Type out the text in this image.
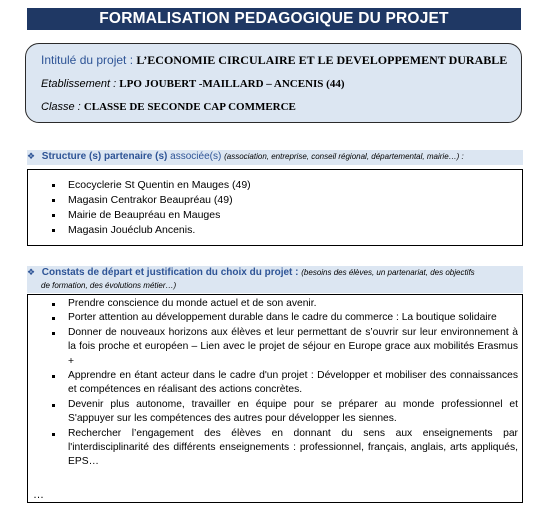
FORMALISATION PEDAGOGIQUE DU PROJET
Intitulé du projet : L’ECONOMIE CIRCULAIRE ET LE DEVELOPPEMENT DURABLE
Etablissement : LPO JOUBERT -MAILLARD – ANCENIS (44)
Classe : CLASSE DE SECONDE CAP COMMERCE
❖ Structure (s) partenaire (s) associée(s) (association, entreprise, conseil régional, départemental, mairie…) :
Ecocyclerie St Quentin en Mauges (49)
Magasin Centrakor Beaupréau (49)
Mairie de Beaupréau en Mauges
Magasin Jouéclub Ancenis.
❖ Constats de départ et justification du choix du projet : (besoins des élèves, un partenariat, des objectifs
de formation, des évolutions métier…)
Prendre conscience du monde actuel et de son avenir.
Porter attention au développement durable dans le cadre du commerce : La boutique solidaire
Donner de nouveaux horizons aux élèves et leur permettant de s’ouvrir sur leur environnement à la fois proche et européen – Lien avec le projet de séjour en Europe grace aux mobilités Erasmus +
Apprendre en étant acteur dans le cadre d'un projet : Développer et mobiliser des connaissances et compétences en réalisant des actions concrètes.
Devenir plus autonome, travailler en équipe pour se préparer au monde professionnel et S'appuyer sur les compétences des autres pour développer les siennes.
Rechercher l’engagement des élèves en donnant du sens aux enseignements par l'interdisciplinarité des différents enseignements : professionnel, français, anglais, arts appliqués, EPS…
…
